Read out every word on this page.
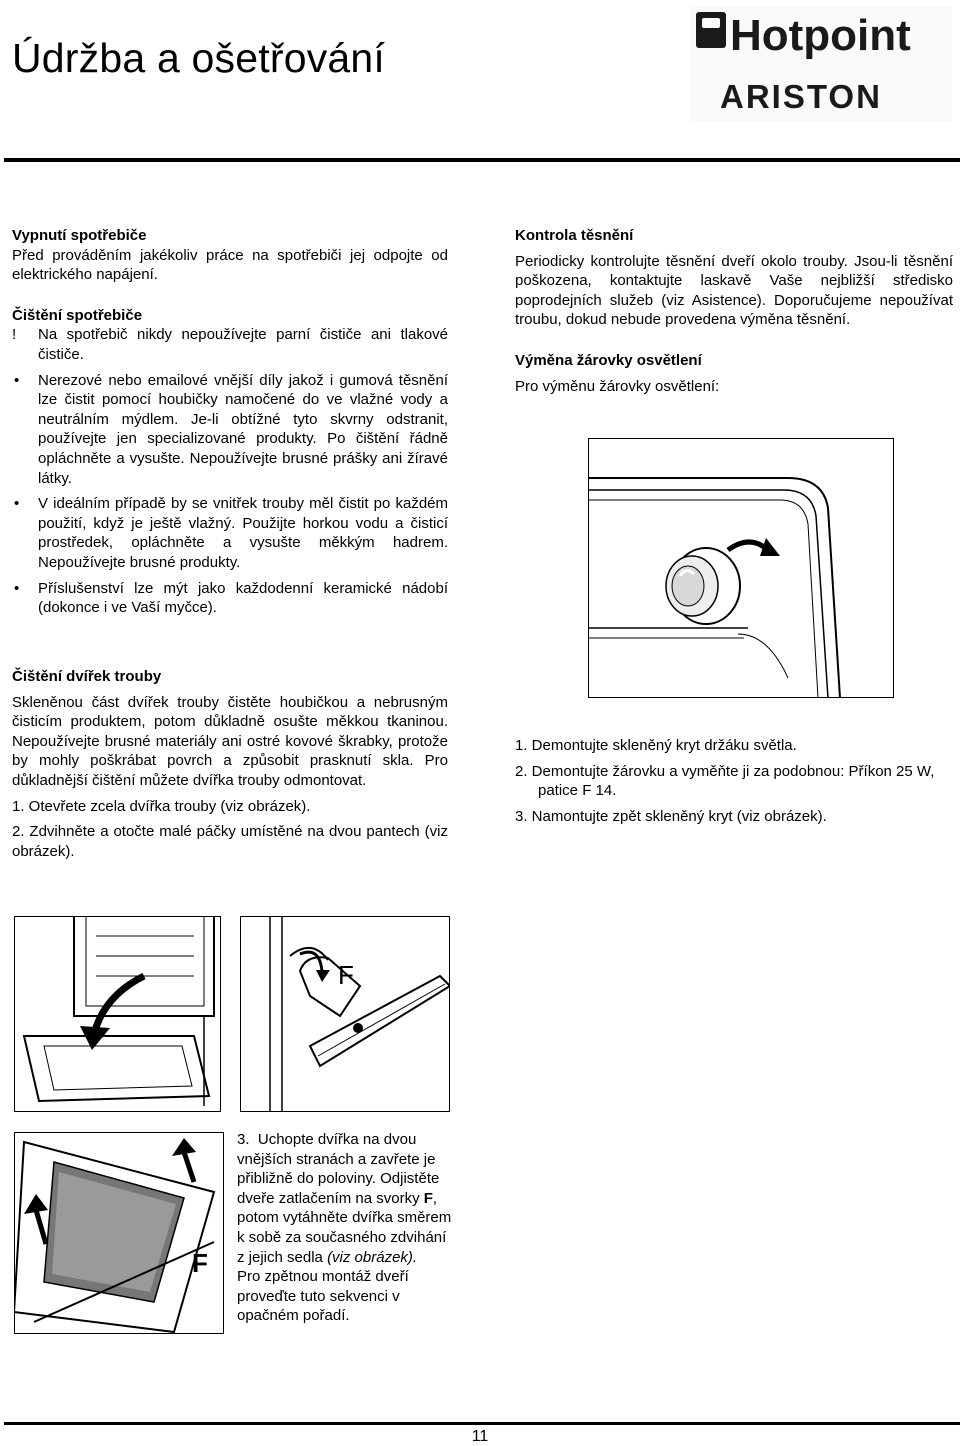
Údržba a ošetřování	Hotpoint
ARISTON

Vypnutí spotřebiče

Před prováděním jakékoliv práce na spotřebiči jej odpojte od elektrického napájení.

Čištění spotřebiče

! Na spotřebič nikdy nepoužívejte parní čističe ani tlakové čističe.

• Nerezové nebo emailové vnější díly jakož i gumová těsnění lze čistit pomocí houbičky namočené do ve vlažné vody a neutrálním mýdlem. Je-li obtížné tyto skvrny odstranit, používejte jen specializované produkty. Po čištění řádně opláchněte a vysušte. Nepoužívejte brusné prášky ani žíravé látky.
• V ideálním případě by se vnitřek trouby měl čistit po každém použití, když je ještě vlažný. Použijte horkou vodu a čisticí prostředek, opláchněte a vysušte měkkým hadrem. Nepoužívejte brusné produkty.
• Příslušenství lze mýt jako každodenní keramické nádobí (dokonce i ve Vaší myčce).

Čištění dvířek trouby

Skleněnou část dvířek trouby čistěte houbičkou a nebrusným čisticím produktem, potom důkladně osušte měkkou tkaninou. Nepoužívejte brusné materiály ani ostré kovové škrabky, protože by mohly poškrábat povrch a způsobit prasknutí skla. Pro důkladnější čištění můžete dvířka trouby odmontovat.

1. Otevřete zcela dvířka trouby (viz obrázek).

2. Zdvihněte a otočte malé páčky umístěné na dvou pantech (viz obrázek).

Kontrola těsnění

Periodicky kontrolujte těsnění dveří okolo trouby. Jsou-li těsnění poškozena, kontaktujte laskavě Vaše nejbližší středisko poprodejních služeb (viz Asistence). Doporučujeme nepoužívat troubu, dokud nebude provedena výměna těsnění.

Výměna žárovky osvětlení

Pro výměnu žárovky osvětlení:

1. Demontujte skleněný kryt držáku světla.

2. Demontujte žárovku a vyměňte ji za podobnou: Příkon 25 W, patice F 14.

3. Namontujte zpět skleněný kryt (viz obrázek).

F
F

3. Uchopte dvířka na dvou vnějších stranách a zavřete je přibližně do poloviny. Odjistěte dveře zatlačením na svorky F, potom vytáhněte dvířka směrem k sobě za současného zdvihání z jejich sedla (viz obrázek).

Pro zpětnou montáž dveří proveďte tuto sekvenci v opačném pořadí.

11
